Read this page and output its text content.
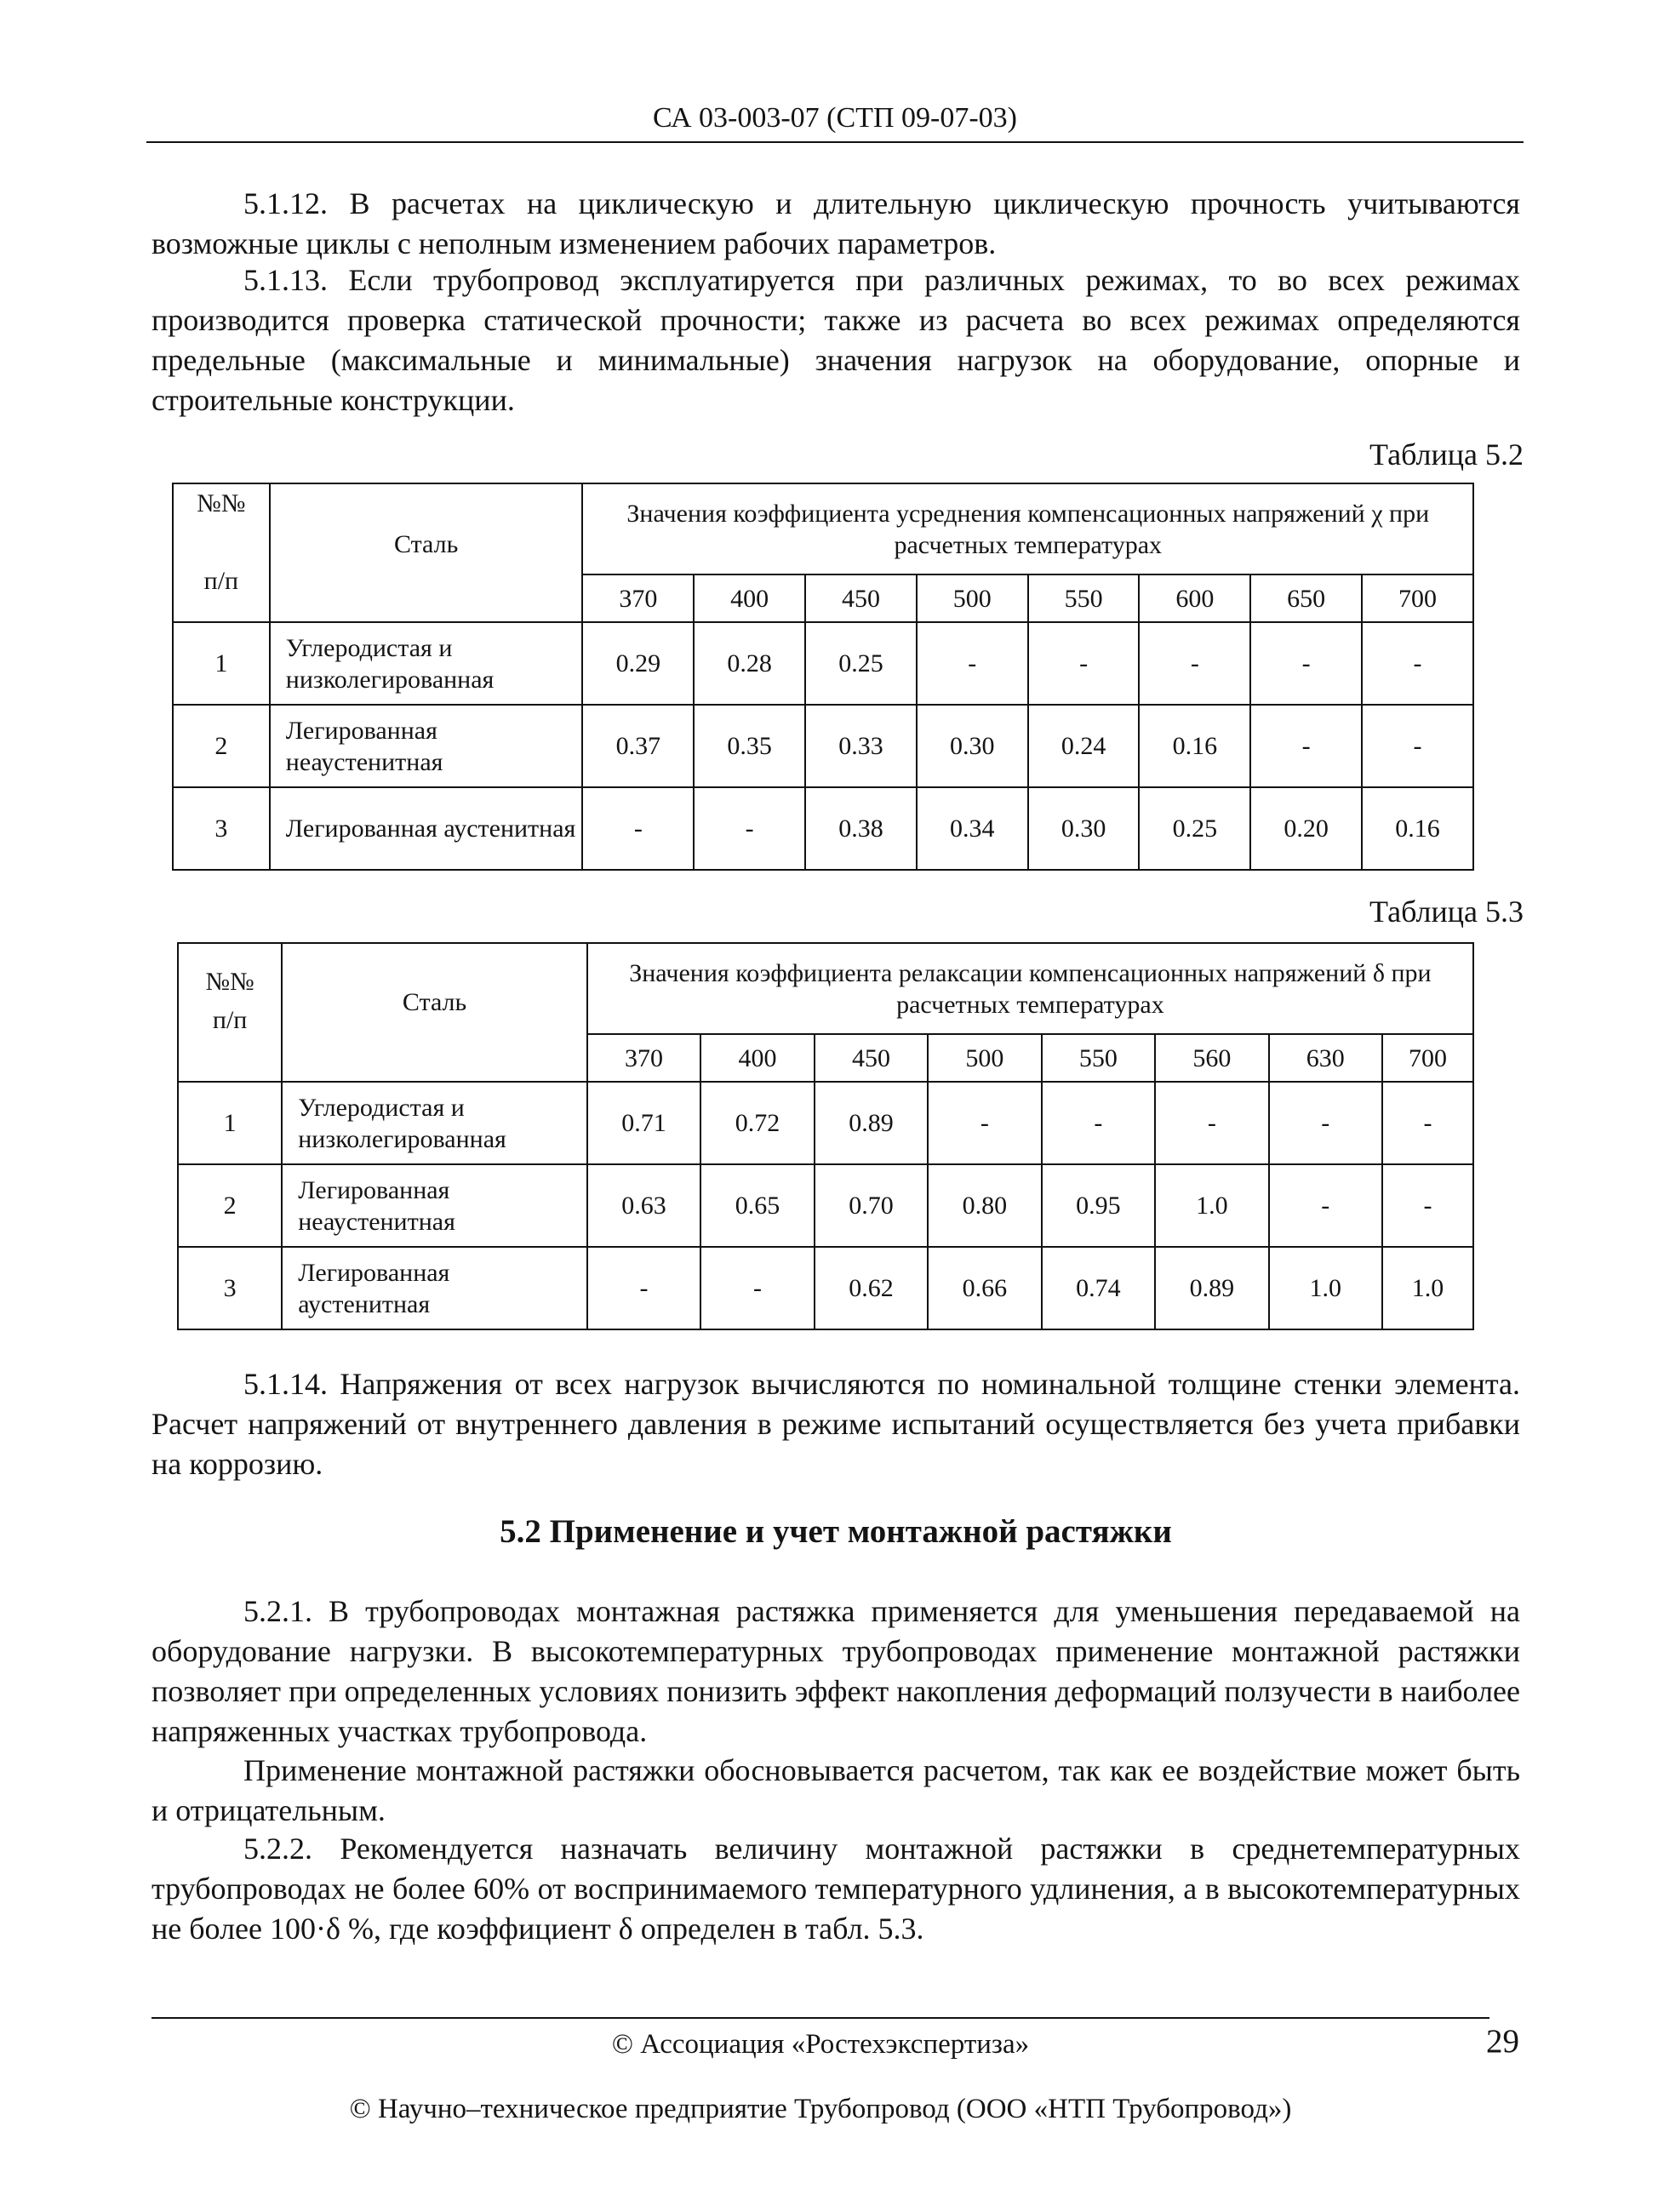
СА 03-003-07 (СТП 09-07-03)

5.1.12. В расчетах на циклическую и длительную циклическую прочность учитываются возможные циклы с неполным изменением рабочих параметров.

5.1.13. Если трубопровод эксплуатируется при различных режимах, то во всех режимах производится проверка статической прочности; также из расчета во всех режимах определяются предельные (максимальные и минимальные) значения нагрузок на оборудование, опорные и строительные конструкции.

Таблица 5.2
№№
п/п	Сталь	Значения коэффициента усреднения компенсационных напряжений χ при расчетных температурах							
		370	400	450	500	550	600	650	700
1	Углеродистая и низколегированная	0.29	0.28	0.25	-	-	-	-	-
2	Легированная неаустенитная	0.37	0.35	0.33	0.30	0.24	0.16	-	-
3	Легированная аустенитная	-	-	0.38	0.34	0.30	0.25	0.20	0.16
Таблица 5.3
№№
п/п	Сталь	Значения коэффициента релаксации компенсационных напряжений δ при расчетных температурах							
		370	400	450	500	550	560	630	700
1	Углеродистая и низколегированная	0.71	0.72	0.89	-	-	-	-	-
2	Легированная неаустенитная	0.63	0.65	0.70	0.80	0.95	1.0	-	-
3	Легированная аустенитная	-	-	0.62	0.66	0.74	0.89	1.0	1.0

5.1.14. Напряжения от всех нагрузок вычисляются по номинальной толщине стенки элемента. Расчет напряжений от внутреннего давления в режиме испытаний осуществляется без учета прибавки на коррозию.

5.2 Применение и учет монтажной растяжки

5.2.1. В трубопроводах монтажная растяжка применяется для уменьшения передаваемой на оборудование нагрузки. В высокотемпературных трубопроводах применение монтажной растяжки позволяет при определенных условиях понизить эффект накопления деформаций ползучести в наиболее напряженных участках трубопровода.

Применение монтажной растяжки обосновывается расчетом, так как ее воздействие может быть и отрицательным.

5.2.2. Рекомендуется назначать величину монтажной растяжки в среднетемпературных трубопроводах не более 60% от воспринимаемого температурного удлинения, а в высокотемпературных не более 100·δ %, где коэффициент δ определен в табл. 5.3.

© Ассоциация «Ростехэкспертиза»	29
© Научно–техническое предприятие Трубопровод (ООО «НТП Трубопровод»)
